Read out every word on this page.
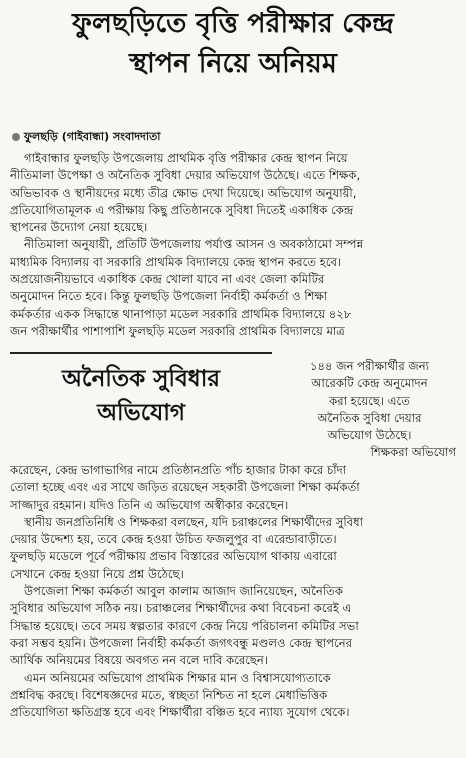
ফুলছড়িতে বৃত্তি পরীক্ষার কেন্দ্র
স্থাপন নিয়ে অনিয়ম
ফুলছড়ি (গাইবান্ধা) সংবাদদাতা

গাইবান্ধার ফুলছড়ি উপজেলায় প্রাথমিক বৃত্তি পরীক্ষার কেন্দ্র স্থাপন নিয়ে
নীতিমালা উপেক্ষা ও অনৈতিক সুবিধা দেয়ার অভিযোগ উঠেছে। এতে শিক্ষক,
অভিভাবক ও স্থানীয়দের মধ্যে তীব্র ক্ষোভ দেখা দিয়েছে। অভিযোগ অনুযায়ী,
প্রতিযোগিতামূলক এ পরীক্ষায় কিছু প্রতিষ্ঠানকে সুবিধা দিতেই একাধিক কেন্দ্র
স্থাপনের উদ্যোগ নেয়া হয়েছে।

নীতিমালা অনুযায়ী, প্রতিটি উপজেলায় পর্যাপ্ত আসন ও অবকাঠামো সম্পন্ন
মাধ্যমিক বিদ্যালয় বা সরকারি প্রাথমিক বিদ্যালয়ে কেন্দ্র স্থাপন করতে হবে।
অপ্রয়োজনীয়ভাবে একাধিক কেন্দ্র খোলা যাবে না এবং জেলা কমিটির
অনুমোদন নিতে হবে। কিন্তু ফুলছড়ি উপজেলা নির্বাহী কর্মকর্তা ও শিক্ষা
কর্মকর্তার একক সিদ্ধান্তে থানাপাড়া মডেল সরকারি প্রাথমিক বিদ্যালয়ে ৪২৮
জন পরীক্ষার্থীর পাশাপাশি ফুলছড়ি মডেল সরকারি প্রাথমিক বিদ্যালয়ে মাত্র

অনৈতিক সুবিধার
অভিযোগ
১৪৪ জন পরীক্ষার্থীর জন্য
আরেকটি কেন্দ্র অনুমোদন
করা হয়েছে। এতে
অনৈতিক সুবিধা দেয়ার
অভিযোগ উঠেছে।
শিক্ষকরা অভিযোগ

করেছেন, কেন্দ্র ভাগাভাগির নামে প্রতিষ্ঠানপ্রতি পাঁচ হাজার টাকা করে চাঁদা
তোলা হচ্ছে এবং এর সাথে জড়িত রয়েছেন সহকারী উপজেলা শিক্ষা কর্মকর্তা
সাজ্জাদুর রহমান। যদিও তিনি এ অভিযোগ অস্বীকার করেছেন।

স্থানীয় জনপ্রতিনিধি ও শিক্ষকরা বলছেন, যদি চরাঞ্চলের শিক্ষার্থীদের সুবিধা
দেয়ার উদ্দেশ্য হয়, তবে কেন্দ্র হওয়া উচিত ফজলুপুর বা এরেন্ডাবাড়ীতে।
ফুলছড়ি মডেলে পূর্বে পরীক্ষায় প্রভাব বিস্তারের অভিযোগ থাকায় এবারো
সেখানে কেন্দ্র হওয়া নিয়ে প্রশ্ন উঠেছে।

উপজেলা শিক্ষা কর্মকর্তা আবুল কালাম আজাদ জানিয়েছেন, অনৈতিক
সুবিধার অভিযোগ সঠিক নয়। চরাঞ্চলের শিক্ষার্থীদের কথা বিবেচনা করেই এ
সিদ্ধান্ত হয়েছে। তবে সময় স্বল্পতার কারণে কেন্দ্র নিয়ে পরিচালনা কমিটির সভা
করা সম্ভব হয়নি। উপজেলা নির্বাহী কর্মকর্তা জগৎবন্ধু মণ্ডলও কেন্দ্র স্থাপনের
আর্থিক অনিয়মের বিষয়ে অবগত নন বলে দাবি করেছেন।

এমন অনিয়মের অভিযোগ প্রাথমিক শিক্ষার মান ও বিশ্বাসযোগ্যতাকে
প্রশ্নবিদ্ধ করছে। বিশেষজ্ঞদের মতে, স্বচ্ছতা নিশ্চিত না হলে মেধাভিত্তিক
প্রতিযোগিতা ক্ষতিগ্রস্ত হবে এবং শিক্ষার্থীরা বঞ্চিত হবে ন্যায্য সুযোগ থেকে।
